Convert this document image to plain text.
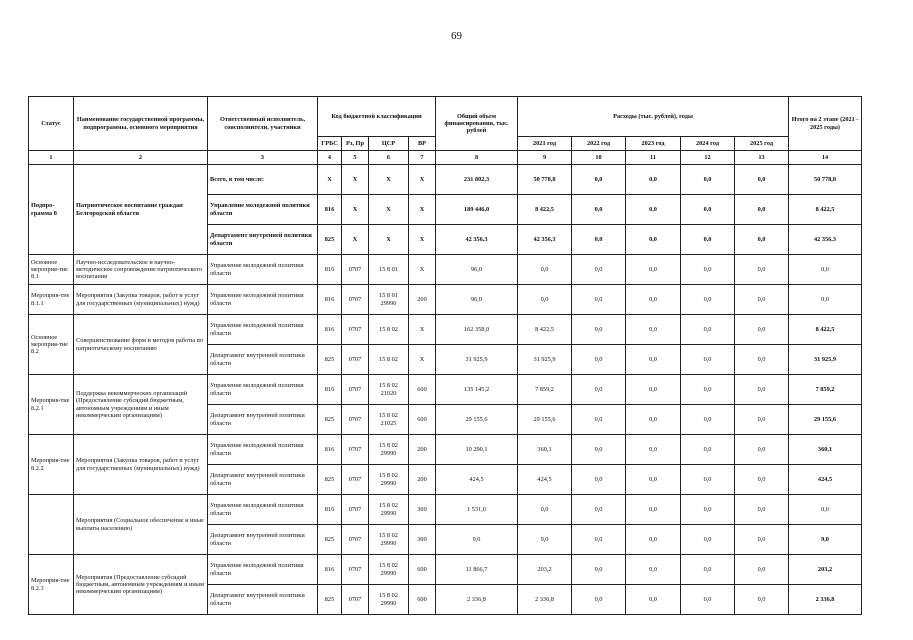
69
Статус	Наименование государственной программы, подпрограммы, основного мероприятия	Ответственный исполнитель, соисполнители, участники	Код бюджетной классификации				Общий объем финансирования, тыс. рублей	Расходы (тыс. рублей), годы					Итого на 2 этапе (2021 - 2025 годы)
			ГРБС	Рз, Пр	ЦСР	ВР		2021 год	2022 год	2023 год	2024 год	2025 год	
1	2	3	4	5	6	7	8	9	10	11	12	13	14
Подпро-грамма 8	Патриотическое воспитание граждан Белгородской области	Всего, в том числе:	Х	Х	Х	Х	231 802,3	50 778,8	0,0	0,0	0,0	0,0	50 778,8
		Управление молодежной политики области	816	Х	Х	Х	189 446,0	8 422,5	0,0	0,0	0,0	0,0	8 422,5
		Департамент внутренней политики области	825	Х	Х	Х	42 356,3	42 356,3	0,0	0,0	0,0	0,0	42 356,3
Основное мероприя-тие 8.1	Научно-исследовательское и научно-методическое сопровождение патриотического воспитания	Управление молодежной политики области	816	0707	15 8 01	Х	96,0	0,0	0,0	0,0	0,0	0,0	0,0
Мероприя-тие 8.1.1	Мероприятия (Закупка товаров, работ и услуг для государственных (муниципальных) нужд)	Управление молодежной политики области	816	0707	15 8 01 29990	200	96,0	0,0	0,0	0,0	0,0	0,0	0,0
Основное мероприя-тие 8.2	Совершенствование форм и методов работы по патриотическому воспитанию	Управление молодежной политики области	816	0707	15 8 02	Х	162 358,0	8 422,5	0,0	0,0	0,0	0,0	8 422,5
		Департамент внутренней политики области	825	0707	15 8 02	Х	31 925,9	31 925,9	0,0	0,0	0,0	0,0	31 925,9
Мероприя-тие 8.2.1	Поддержка некоммерческих организаций (Предоставление субсидий бюджетным, автономным учреждениям и иным некоммерческим организациям)	Управление молодежной политики области	816	0707	15 8 02 21020	600	135 145,2	7 859,2	0,0	0,0	0,0	0,0	7 859,2
		Департамент внутренней политики области	825	0707	15 8 02 21025	600	29 155,6	29 155,6	0,0	0,0	0,0	0,0	29 155,6
Мероприя-тие 8.2.2	Мероприятия (Закупка товаров, работ и услуг для государственных (муниципальных) нужд)	Управление молодежной политики области	816	0707	15 8 02 29990	200	10 290,1	360,1	0,0	0,0	0,0	0,0	360,1
		Департамент внутренней политики области	825	0707	15 8 02 29990	200	424,5	424,5	0,0	0,0	0,0	0,0	424,5
	Мероприятия (Социальное обеспечение и иные выплаты населению)	Управление молодежной политики области	816	0707	15 8 02 29990	300	1 531,0	0,0	0,0	0,0	0,0	0,0	0,0
		Департамент внутренней политики области	825	0707	15 8 02 29990	300	9,0	9,0	0,0	0,0	0,0	0,0	9,0
Мероприя-тие 8.2.3	Мероприятия (Предоставление субсидий бюджетным, автономным учреждениям и иным некоммерческим организациям)	Управление молодежной политики области	816	0707	15 8 02 29990	600	11 866,7	203,2	0,0	0,0	0,0	0,0	203,2
		Департамент внутренней политики области	825	0707	15 8 02 29990	600	2 336,8	2 336,8	0,0	0,0	0,0	0,0	2 336,8
